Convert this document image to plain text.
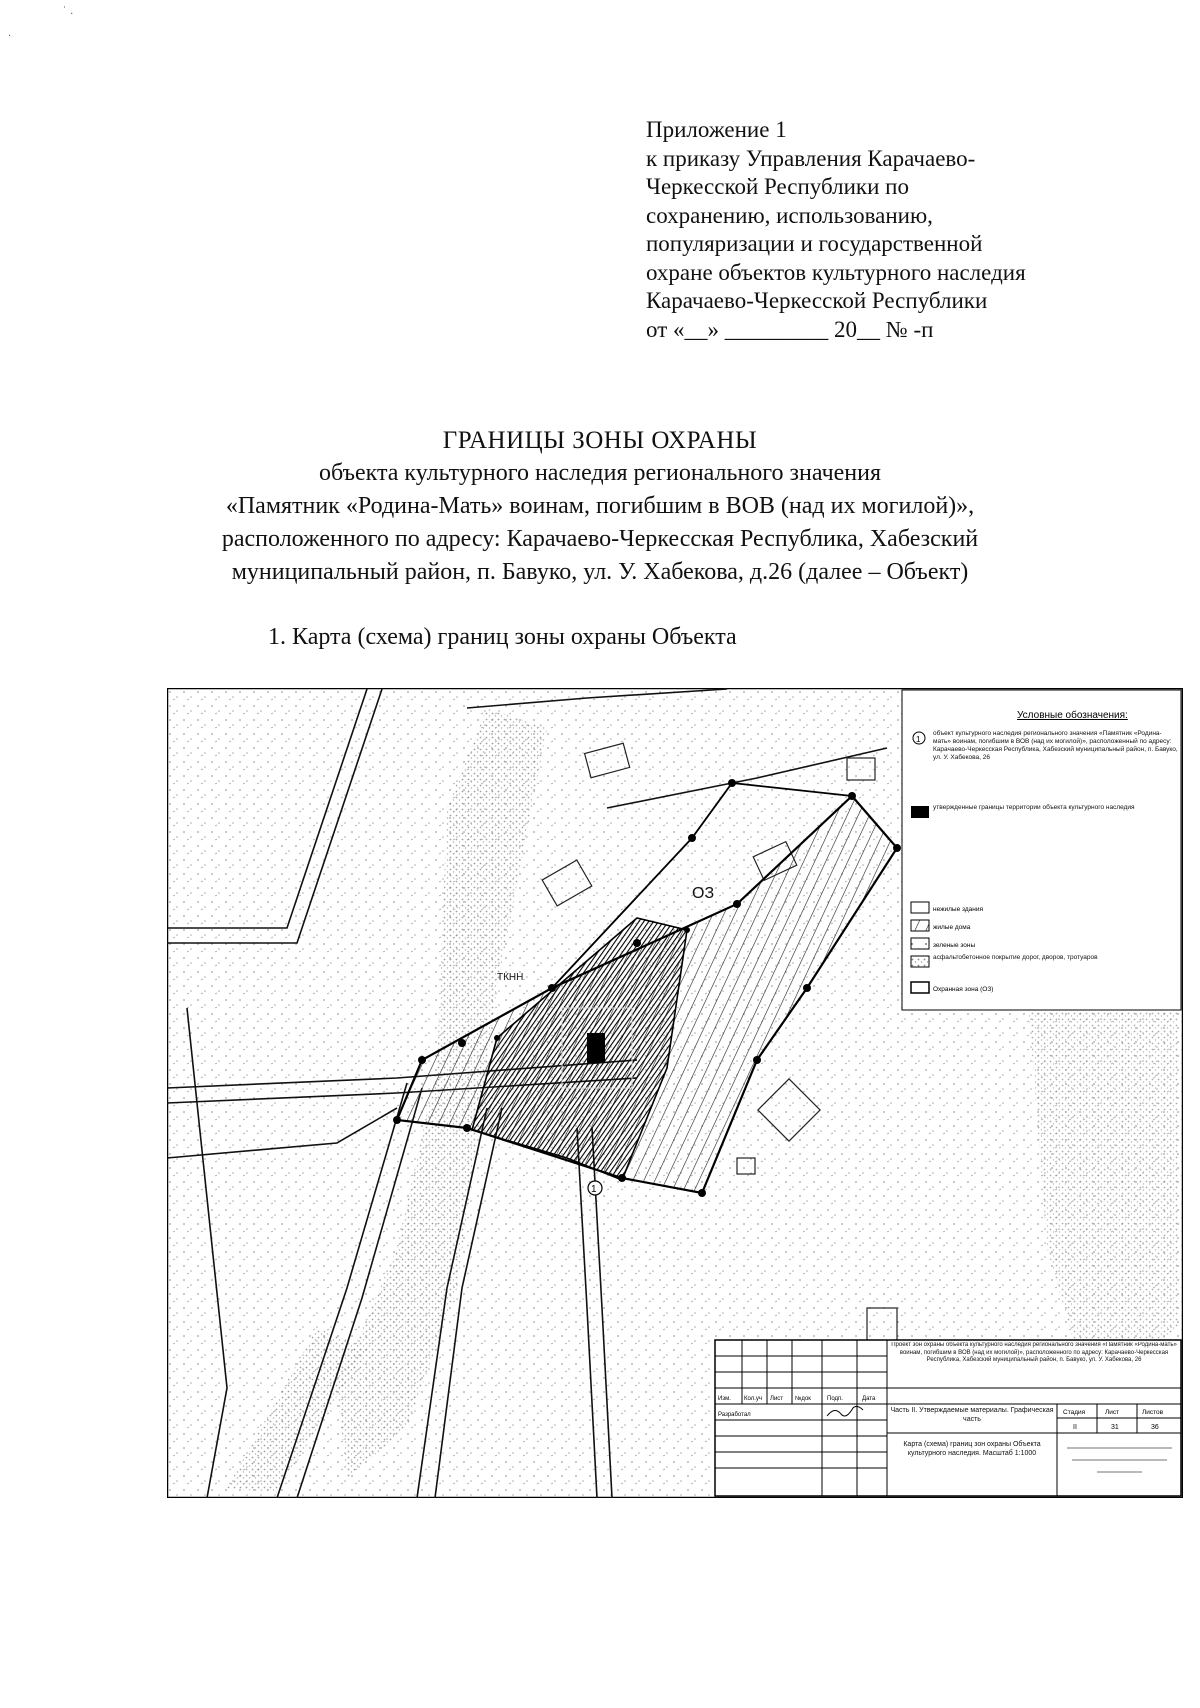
˙ .
.
Приложение 1
к приказу Управления Карачаево-
Черкесской Республики по
сохранению, использованию,
популяризации и государственной
охране объектов культурного наследия
Карачаево-Черкесской Республики
от «__» _________ 20__ № -п
ГРАНИЦЫ ЗОНЫ ОХРАНЫ
объекта культурного наследия регионального значения
«Памятник «Родина-Мать» воинам, погибшим в ВОВ (над их могилой)»,
расположенного по адресу: Карачаево-Черкесская Республика, Хабезский
муниципальный район, п. Бавуко, ул. У. Хабекова, д.26 (далее – Объект)
1. Карта (схема) границ зоны охраны Объекта
ОЗ
ТКНН
1
Условные обозначения:
1
объект культурного наследия регионального значения «Памятник «Родина-мать» воинам, погибшим в ВОВ (над их могилой)», расположенный по адресу: Карачаево-Черкесская Республика, Хабезский муниципальный район, п. Бавуко, ул. У. Хабекова, 26
утвержденные границы территории объекта культурного наследия
нежилые здания
жилые дома
зеленые зоны
асфальтобетонное покрытие дорог, дворов, тротуаров
Охранная зона (ОЗ)
Изм. Кол.уч Лист №док	Подп.	Дата
Разработал
Проект зон охраны объекта культурного наследия регионального значения «Памятник «Родина-мать» воинам, погибшим в ВОВ (над их могилой)», расположенного по адресу: Карачаево-Черкесская Республика, Хабезский муниципальный район, п. Бавуко, ул. У. Хабекова, 26
Часть II. Утверждаемые материалы. Графическая часть
Карта (схема) границ зон охраны Объекта культурного наследия. Масштаб 1:1000
Стадия	Лист	Листов
II	31	36
